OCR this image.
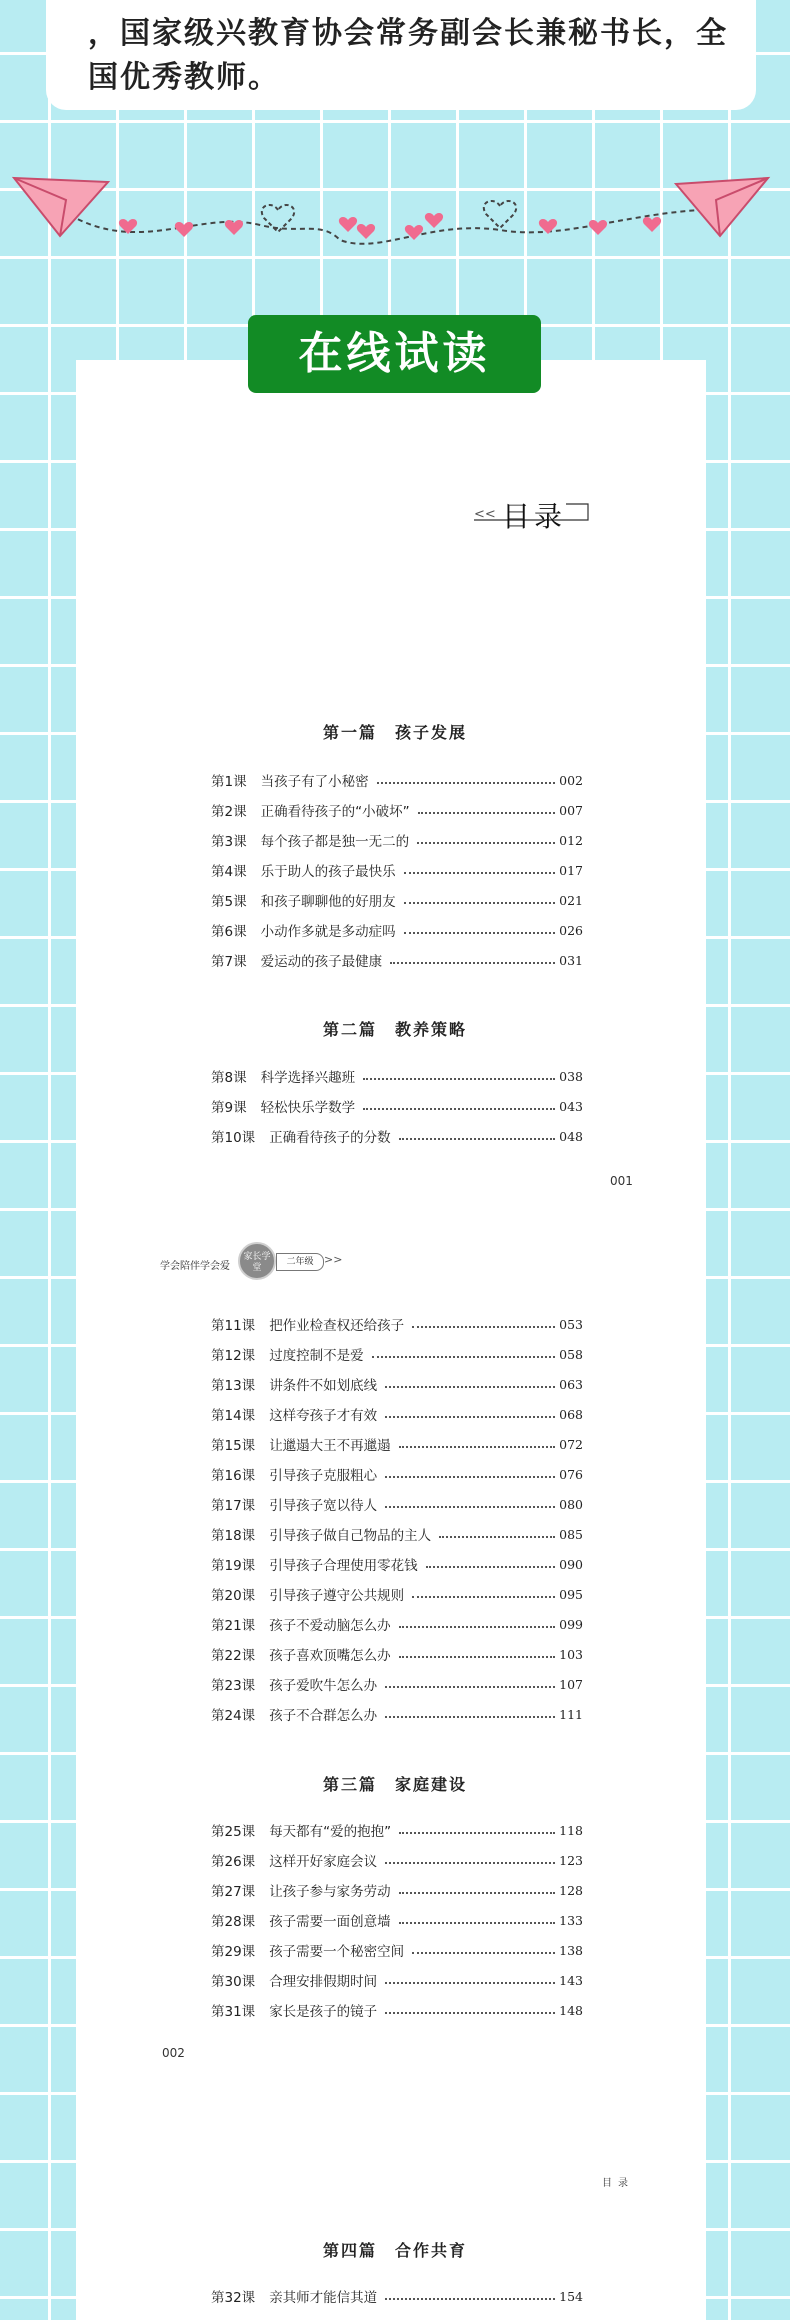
，国家级兴教育协会常务副会长兼秘书长，全
国优秀教师。
在线试读
<< 目录
第一篇　孩子发展
第1课 当孩子有了小秘密	002
第2课 正确看待孩子的“小破坏”	007
第3课 每个孩子都是独一无二的	012
第4课 乐于助人的孩子最快乐	017
第5课 和孩子聊聊他的好朋友	021
第6课 小动作多就是多动症吗	026
第7课 爱运动的孩子最健康	031
第二篇　教养策略
第8课 科学选择兴趣班	038
第9课 轻松快乐学数学	043
第10课 正确看待孩子的分数	048
第11课 把作业检查权还给孩子	053
第12课 过度控制不是爱	058
第13课 讲条件不如划底线	063
第14课 这样夸孩子才有效	068
第15课 让邋遢大王不再邋遢	072
第16课 引导孩子克服粗心	076
第17课 引导孩子宽以待人	080
第18课 引导孩子做自己物品的主人	085
第19课 引导孩子合理使用零花钱	090
第20课 引导孩子遵守公共规则	095
第21课 孩子不爱动脑怎么办	099
第22课 孩子喜欢顶嘴怎么办	103
第23课 孩子爱吹牛怎么办	107
第24课 孩子不合群怎么办	111
第三篇　家庭建设
第25课 每天都有“爱的抱抱”	118
第26课 这样开好家庭会议	123
第27课 让孩子参与家务劳动	128
第28课 孩子需要一面创意墙	133
第29课 孩子需要一个秘密空间	138
第30课 合理安排假期时间	143
第31课 家长是孩子的镜子	148
第四篇　合作共育
第32课 亲其师才能信其道	154
001
学会陪伴学会爱
家长学堂
二年级 >>
002
目录
